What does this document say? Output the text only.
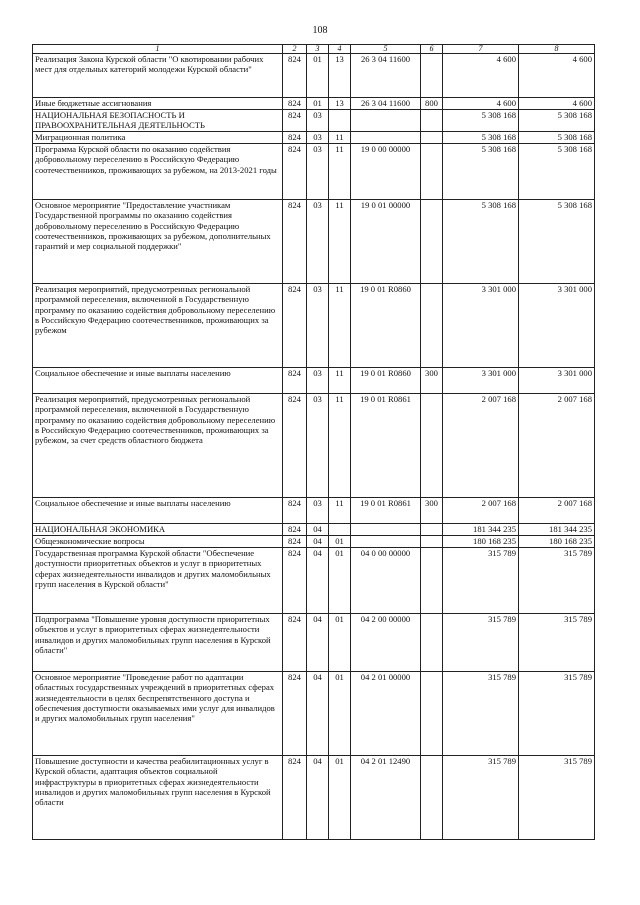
108
1	2	3	4	5	6	7	8
Реализация Закона Курской области "О квотировании рабочих мест для отдельных категорий молодежи Курской области"	824	01	13	26 3 04 11600		4 600	4 600
Иные бюджетные ассигнования	824	01	13	26 3 04 11600	800	4 600	4 600
НАЦИОНАЛЬНАЯ БЕЗОПАСНОСТЬ И ПРАВООХРАНИТЕЛЬНАЯ ДЕЯТЕЛЬНОСТЬ	824	03				5 308 168	5 308 168
Миграционная политика	824	03	11			5 308 168	5 308 168
Программа Курской области по оказанию содействия добровольному переселению в Российскую Федерацию соотечественников, проживающих за рубежом, на 2013-2021 годы	824	03	11	19 0 00 00000		5 308 168	5 308 168
Основное мероприятие "Предоставление участникам Государственной программы по оказанию содействия добровольному переселению в Российскую Федерацию соотечественников, проживающих за рубежом, дополнительных гарантий и мер социальной поддержки"	824	03	11	19 0 01 00000		5 308 168	5 308 168
Реализация мероприятий, предусмотренных региональной программой переселения, включенной в Государственную программу по оказанию содействия добровольному переселению в Российскую Федерацию соотечественников, проживающих за рубежом	824	03	11	19 0 01 R0860		3 301 000	3 301 000
Социальное обеспечение и иные выплаты населению	824	03	11	19 0 01 R0860	300	3 301 000	3 301 000
Реализация мероприятий, предусмотренных региональной программой переселения, включенной в Государственную программу по оказанию содействия добровольному переселению в Российскую Федерацию соотечественников, проживающих за рубежом, за счет средств областного бюджета	824	03	11	19 0 01 R0861		2 007 168	2 007 168
Социальное обеспечение и иные выплаты населению	824	03	11	19 0 01 R0861	300	2 007 168	2 007 168
НАЦИОНАЛЬНАЯ ЭКОНОМИКА	824	04				181 344 235	181 344 235
Общеэкономические вопросы	824	04	01			180 168 235	180 168 235
Государственная программа Курской области "Обеспечение доступности приоритетных объектов и услуг в приоритетных сферах жизнедеятельности инвалидов и других маломобильных групп населения в Курской области"	824	04	01	04 0 00 00000		315 789	315 789
Подпрограмма "Повышение уровня доступности приоритетных объектов и услуг в приоритетных сферах жизнедеятельности инвалидов и других маломобильных групп населения в Курской области"	824	04	01	04 2 00 00000		315 789	315 789
Основное мероприятие "Проведение работ по адаптации областных государственных учреждений в приоритетных сферах жизнедеятельности в целях беспрепятственного доступа и обеспечения доступности оказываемых ими услуг для инвалидов и других маломобильных групп населения"	824	04	01	04 2 01 00000		315 789	315 789
Повышение доступности и качества реабилитационных услуг в Курской области, адаптация объектов социальной инфраструктуры в приоритетных сферах жизнедеятельности инвалидов и других маломобильных групп населения в Курской области	824	04	01	04 2 01 12490		315 789	315 789
